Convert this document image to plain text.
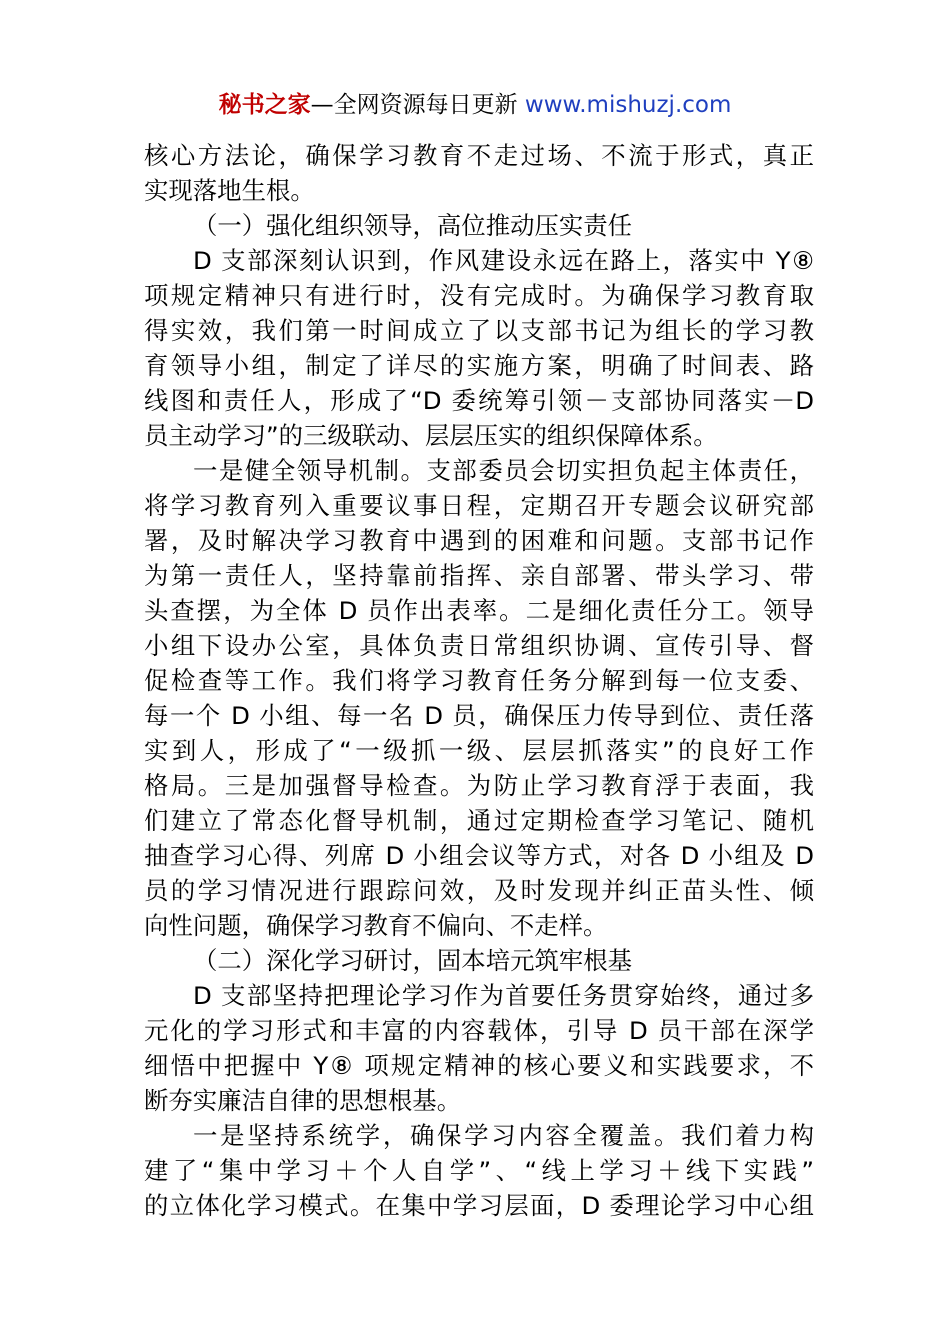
秘书之家—全网资源每日更新 www.mishuzj.com
核心方法论，确保学习教育不走过场、不流于形式，真正
实现落地生根。
（一）强化组织领导，高位推动压实责任
D 支部深刻认识到，作风建设永远在路上，落实中 Y⑧
项规定精神只有进行时，没有完成时。为确保学习教育取
得实效，我们第一时间成立了以支部书记为组长的学习教
育领导小组，制定了详尽的实施方案，明确了时间表、路
线图和责任人，形成了“D 委统筹引领－支部协同落实－D
员主动学习”的三级联动、层层压实的组织保障体系。
一是健全领导机制。支部委员会切实担负起主体责任，
将学习教育列入重要议事日程，定期召开专题会议研究部
署，及时解决学习教育中遇到的困难和问题。支部书记作
为第一责任人，坚持靠前指挥、亲自部署、带头学习、带
头查摆，为全体 D 员作出表率。二是细化责任分工。领导
小组下设办公室，具体负责日常组织协调、宣传引导、督
促检查等工作。我们将学习教育任务分解到每一位支委、
每一个 D 小组、每一名 D 员，确保压力传导到位、责任落
实到人，形成了“一级抓一级、层层抓落实”的良好工作
格局。三是加强督导检查。为防止学习教育浮于表面，我
们建立了常态化督导机制，通过定期检查学习笔记、随机
抽查学习心得、列席 D 小组会议等方式，对各 D 小组及 D
员的学习情况进行跟踪问效，及时发现并纠正苗头性、倾
向性问题，确保学习教育不偏向、不走样。
（二）深化学习研讨，固本培元筑牢根基
D 支部坚持把理论学习作为首要任务贯穿始终，通过多
元化的学习形式和丰富的内容载体，引导 D 员干部在深学
细悟中把握中 Y⑧ 项规定精神的核心要义和实践要求，不
断夯实廉洁自律的思想根基。
一是坚持系统学，确保学习内容全覆盖。我们着力构
建了“集中学习＋个人自学”、“线上学习＋线下实践”
的立体化学习模式。在集中学习层面，D 委理论学习中心组
